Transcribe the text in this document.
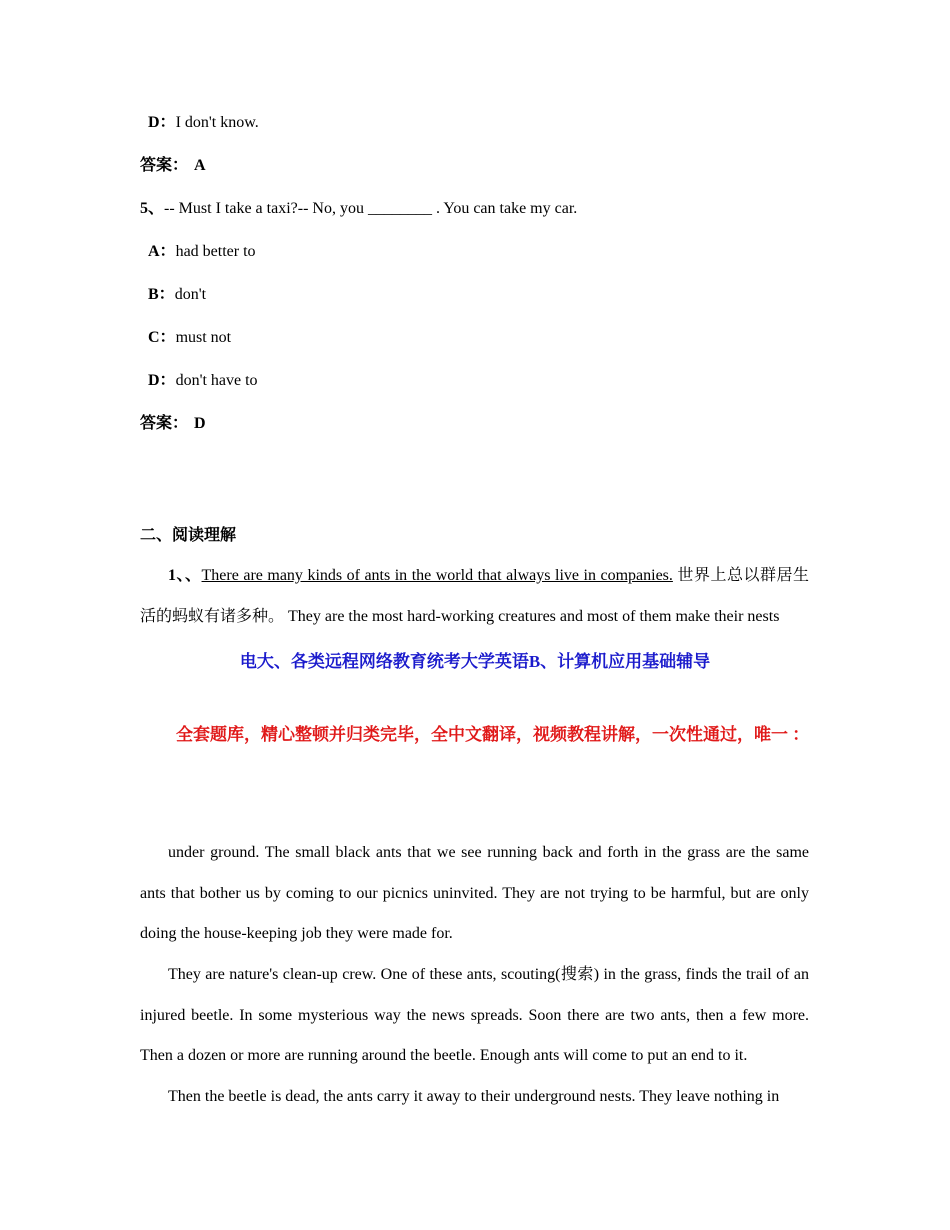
D：I don't know.
答案： A
5、-- Must I take a taxi?-- No, you ________ . You can take my car.
A：had better to
B：don't
C：must not
D：don't have to
答案： D
二、阅读理解
1、、There are many kinds of ants in the world that always live in companies. 世界上总以群居生活的蚂蚁有诸多种。 They are the most hard-working creatures and most of them make their nests
电大、各类远程网络教育统考大学英语B、计算机应用基础辅导
全套题库，精心整顿并归类完毕，全中文翻译，视频教程讲解，一次性通过，唯一 ：
under ground. The small black ants that we see running back and forth in the grass are the same ants that bother us by coming to our picnics uninvited. They are not trying to be harmful, but are only doing the house-keeping job they were made for.
They are nature's clean-up crew. One of these ants, scouting(搜索) in the grass, finds the trail of an injured beetle. In some mysterious way the news spreads. Soon there are two ants, then a few more. Then a dozen or more are running around the beetle. Enough ants will come to put an end to it.
Then the beetle is dead, the ants carry it away to their underground nests. They leave nothing in
